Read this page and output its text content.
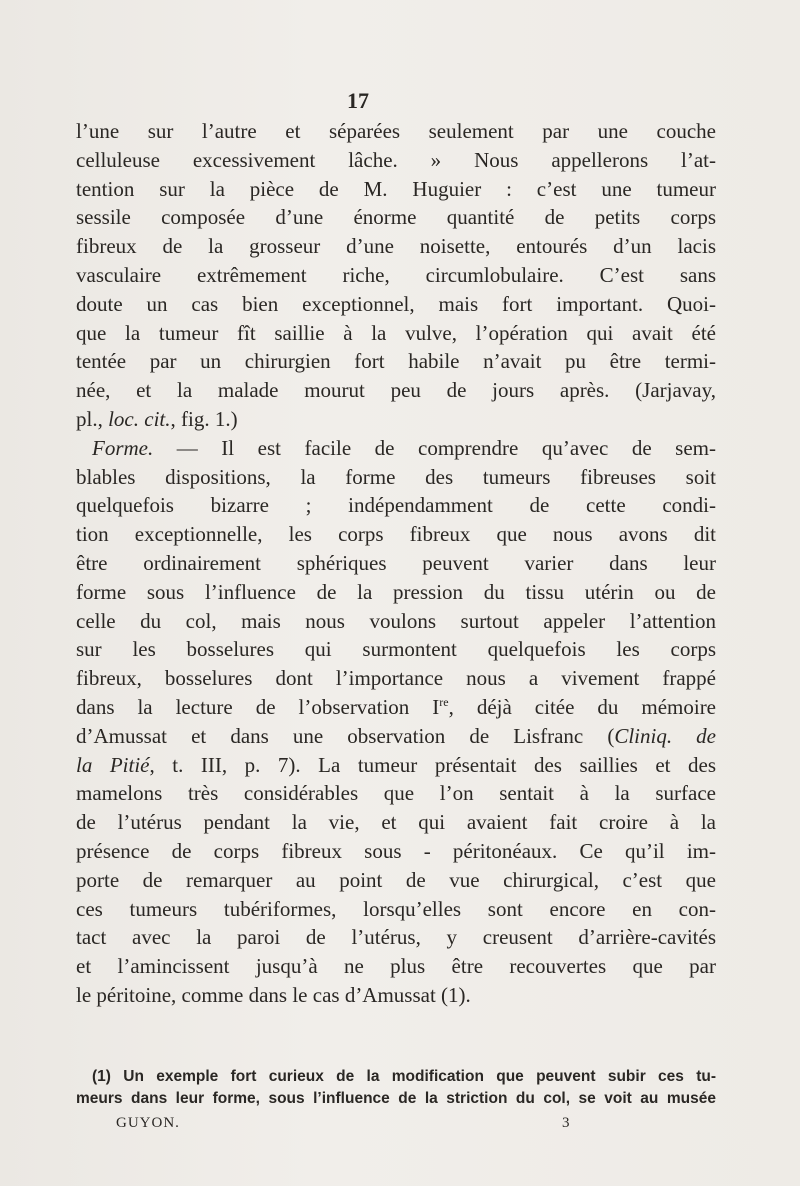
17
l’une sur l’autre et séparées seulement par une couche
celluleuse excessivement lâche. » Nous appellerons l’at-
tention sur la pièce de M. Huguier : c’est une tumeur
sessile composée d’une énorme quantité de petits corps
fibreux de la grosseur d’une noisette, entourés d’un lacis
vasculaire extrêmement riche, circumlobulaire. C’est sans
doute un cas bien exceptionnel, mais fort important. Quoi-
que la tumeur fît saillie à la vulve, l’opération qui avait été
tentée par un chirurgien fort habile n’avait pu être termi-
née, et la malade mourut peu de jours après. (Jarjavay,
pl., loc. cit., fig. 1.)
Forme. — Il est facile de comprendre qu’avec de sem-
blables dispositions, la forme des tumeurs fibreuses soit
quelquefois bizarre ; indépendamment de cette condi-
tion exceptionnelle, les corps fibreux que nous avons dit
être ordinairement sphériques peuvent varier dans leur
forme sous l’influence de la pression du tissu utérin ou de
celle du col, mais nous voulons surtout appeler l’attention
sur les bosselures qui surmontent quelquefois les corps
fibreux, bosselures dont l’importance nous a vivement frappé
dans la lecture de l’observation Ire, déjà citée du mémoire
d’Amussat et dans une observation de Lisfranc (Cliniq. de
la Pitié, t. III, p. 7). La tumeur présentait des saillies et des
mamelons très considérables que l’on sentait à la surface
de l’utérus pendant la vie, et qui avaient fait croire à la
présence de corps fibreux sous - péritonéaux. Ce qu’il im-
porte de remarquer au point de vue chirurgical, c’est que
ces tumeurs tubériformes, lorsqu’elles sont encore en con-
tact avec la paroi de l’utérus, y creusent d’arrière-cavités
et l’amincissent jusqu’à ne plus être recouvertes que par
le péritoine, comme dans le cas d’Amussat (1).
(1) Un exemple fort curieux de la modification que peuvent subir ces tu-
meurs dans leur forme, sous l’influence de la striction du col, se voit au musée
GUYON.	3
